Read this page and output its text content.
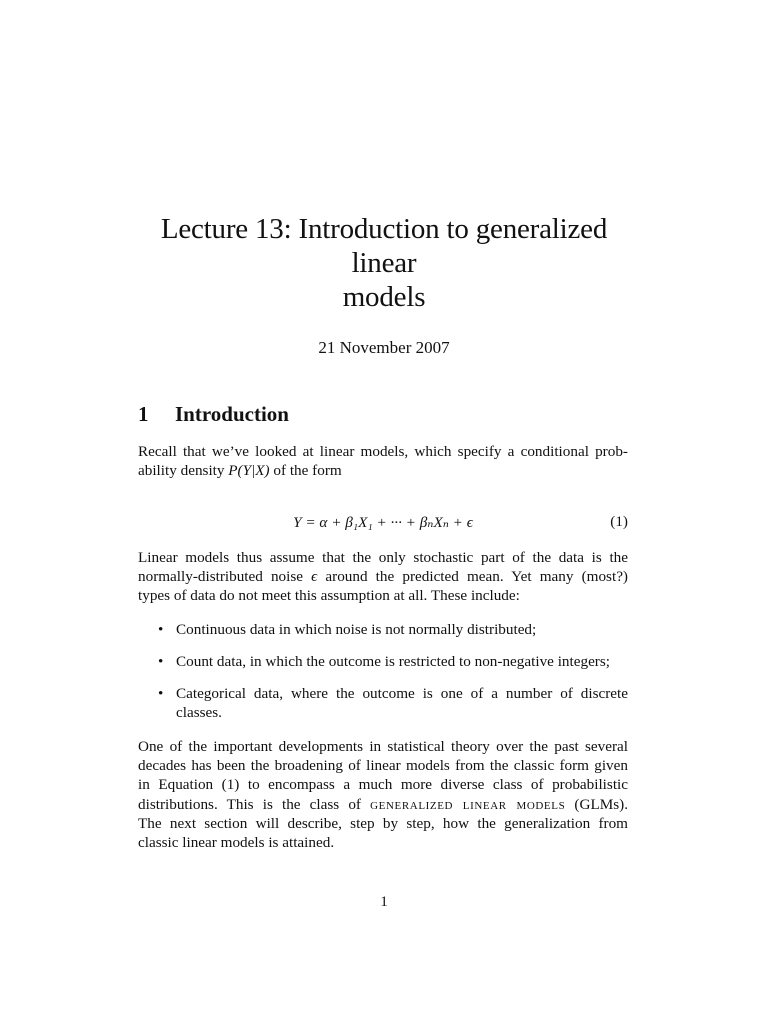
Lecture 13: Introduction to generalized linear
models
21 November 2007
1 Introduction
Recall that we’ve looked at linear models, which specify a conditional prob-
ability density P(Y|X) of the form
Y = α + β₁X₁ + ··· + βₙXₙ + ϵ	(1)
Linear models thus assume that the only stochastic part of the data is the
normally-distributed noise ϵ around the predicted mean. Yet many (most?)
types of data do not meet this assumption at all. These include:
• Continuous data in which noise is not normally distributed;
• Count data, in which the outcome is restricted to non-negative integers;
• Categorical data, where the outcome is one of a number of discrete
classes.
One of the important developments in statistical theory over the past several
decades has been the broadening of linear models from the classic form given
in Equation (1) to encompass a much more diverse class of probabilistic
distributions. This is the class of generalized linear models (GLMs).
The next section will describe, step by step, how the generalization from
classic linear models is attained.
1
